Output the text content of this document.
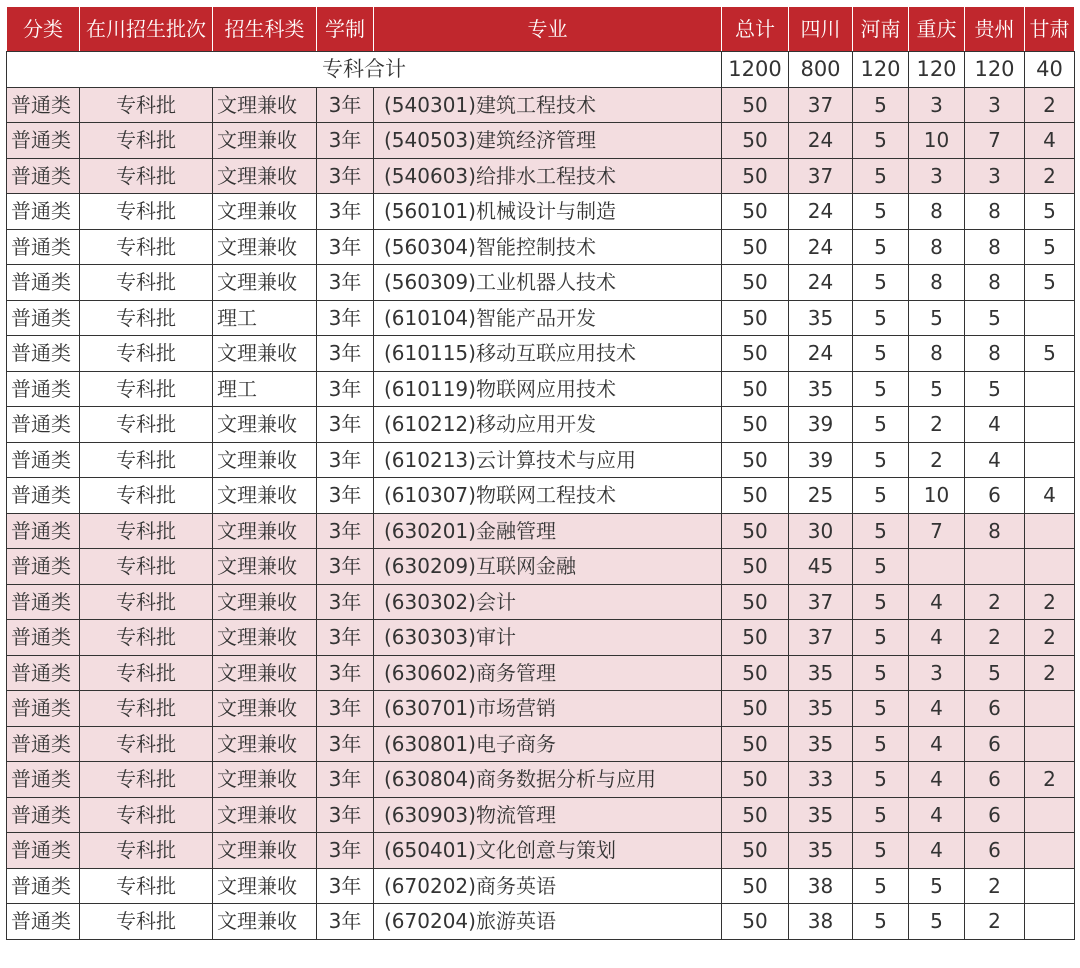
分类	在川招生批次	招生科类	学制	专业	总计	四川	河南	重庆	贵州	甘肃
专科合计					1200	800	120	120	120	40
普通类	专科批	文理兼收	3年	(540301)建筑工程技术	50	37	5	3	3	2
普通类	专科批	文理兼收	3年	(540503)建筑经济管理	50	24	5	10	7	4
普通类	专科批	文理兼收	3年	(540603)给排水工程技术	50	37	5	3	3	2
普通类	专科批	文理兼收	3年	(560101)机械设计与制造	50	24	5	8	8	5
普通类	专科批	文理兼收	3年	(560304)智能控制技术	50	24	5	8	8	5
普通类	专科批	文理兼收	3年	(560309)工业机器人技术	50	24	5	8	8	5
普通类	专科批	理工	3年	(610104)智能产品开发	50	35	5	5	5	
普通类	专科批	文理兼收	3年	(610115)移动互联应用技术	50	24	5	8	8	5
普通类	专科批	理工	3年	(610119)物联网应用技术	50	35	5	5	5	
普通类	专科批	文理兼收	3年	(610212)移动应用开发	50	39	5	2	4	
普通类	专科批	文理兼收	3年	(610213)云计算技术与应用	50	39	5	2	4	
普通类	专科批	文理兼收	3年	(610307)物联网工程技术	50	25	5	10	6	4
普通类	专科批	文理兼收	3年	(630201)金融管理	50	30	5	7	8	
普通类	专科批	文理兼收	3年	(630209)互联网金融	50	45	5			
普通类	专科批	文理兼收	3年	(630302)会计	50	37	5	4	2	2
普通类	专科批	文理兼收	3年	(630303)审计	50	37	5	4	2	2
普通类	专科批	文理兼收	3年	(630602)商务管理	50	35	5	3	5	2
普通类	专科批	文理兼收	3年	(630701)市场营销	50	35	5	4	6	
普通类	专科批	文理兼收	3年	(630801)电子商务	50	35	5	4	6	
普通类	专科批	文理兼收	3年	(630804)商务数据分析与应用	50	33	5	4	6	2
普通类	专科批	文理兼收	3年	(630903)物流管理	50	35	5	4	6	
普通类	专科批	文理兼收	3年	(650401)文化创意与策划	50	35	5	4	6	
普通类	专科批	文理兼收	3年	(670202)商务英语	50	38	5	5	2	
普通类	专科批	文理兼收	3年	(670204)旅游英语	50	38	5	5	2	
